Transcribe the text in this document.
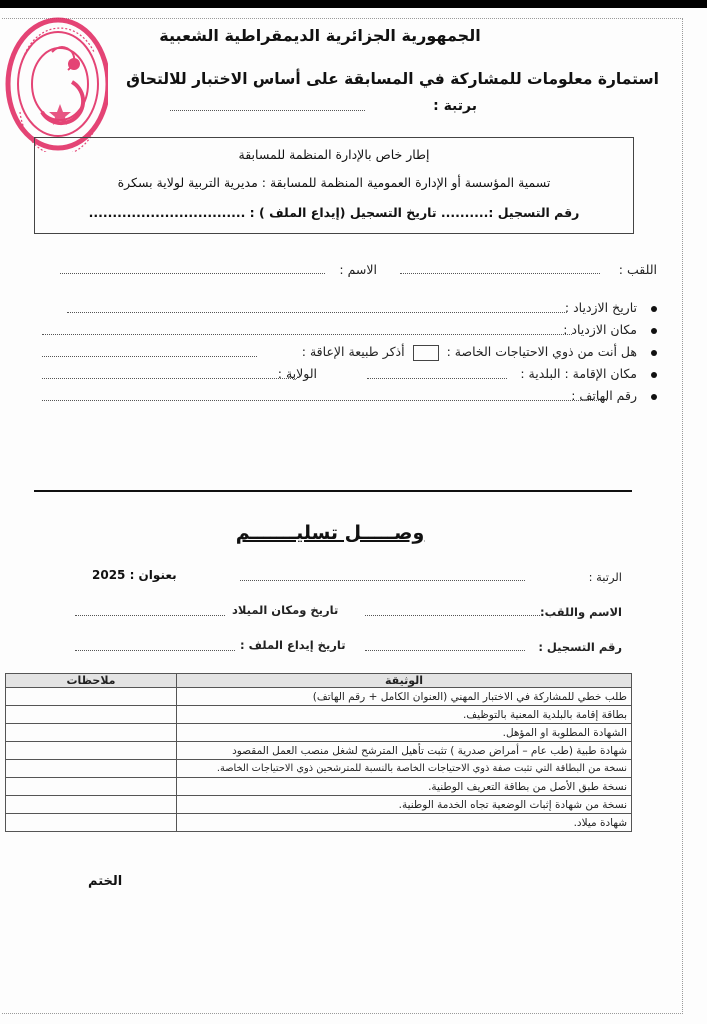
الجمهورية الجزائرية الديمقراطية الشعبية
استمارة معلومات للمشاركة في المسابقة على أساس الاختبار للالتحاق
برتبة :
إطار خاص بالإدارة المنظمة للمسابقة
تسمية المؤسسة أو الإدارة العمومية المنظمة للمسابقة : مديرية التربية لولاية بسكرة
رقم التسجيل :.......... تاريخ التسجيل (إيداع الملف ) : .................................
اللقب :
الاسم :
تاريخ الازدياد :
مكان الازدياد :
هل أنت من ذوي الاحتياجات الخاصة :أذكر طبيعة الإعاقة :
مكان الإقامة : البلدية :
الولاية :
رقم الهاتف :
وصـــــل تسليـــــــم
الرتبة :
بعنوان : 2025
الاسم واللقب:
تاريخ ومكان الميلاد
رقم التسجيل :
تاريخ إيداع الملف :
ملاحظات	الوثيقة
	طلب خطي للمشاركة في الاختبار المهني (العنوان الكامل + رقم الهاتف)
	بطاقة إقامة بالبلدية المعنية بالتوظيف.
	الشهادة المطلوبة او المؤهل.
	شهادة طبية (طب عام – أمراض صدرية ) تثبت تأهيل المترشح لشغل منصب العمل المقصود
	نسخة من البطاقة التي تثبت صفة ذوي الاحتياجات الخاصة بالنسبة للمترشحين ذوي الاحتياجات الخاصة.
	نسخة طبق الأصل من بطاقة التعريف الوطنية.
	نسخة من شهادة إثبات الوضعية تجاه الخدمة الوطنية.
	شهادة ميلاد.
الختم
